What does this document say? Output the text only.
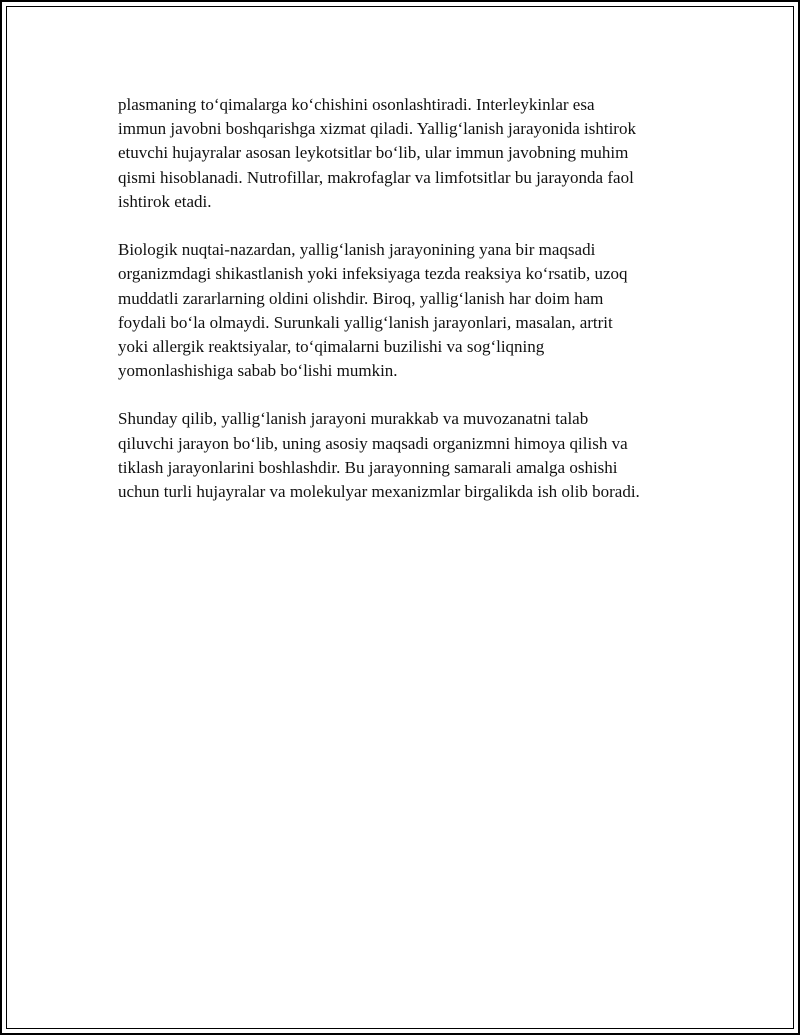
plasmaning to‘qimalarga ko‘chishini osonlashtiradi. Interleykinlar esa
immun javobni boshqarishga xizmat qiladi. Yallig‘lanish jarayonida ishtirok
etuvchi hujayralar asosan leykotsitlar bo‘lib, ular immun javobning muhim
qismi hisoblanadi. Nutrofillar, makrofaglar va limfotsitlar bu jarayonda faol
ishtirok etadi.
Biologik nuqtai-nazardan, yallig‘lanish jarayonining yana bir maqsadi
organizmdagi shikastlanish yoki infeksiyaga tezda reaksiya ko‘rsatib, uzoq
muddatli zararlarning oldini olishdir. Biroq, yallig‘lanish har doim ham
foydali bo‘la olmaydi. Surunkali yallig‘lanish jarayonlari, masalan, artrit
yoki allergik reaktsiyalar, to‘qimalarni buzilishi va sog‘liqning
yomonlashishiga sabab bo‘lishi mumkin.
Shunday qilib, yallig‘lanish jarayoni murakkab va muvozanatni talab
qiluvchi jarayon bo‘lib, uning asosiy maqsadi organizmni himoya qilish va
tiklash jarayonlarini boshlashdir. Bu jarayonning samarali amalga oshishi
uchun turli hujayralar va molekulyar mexanizmlar birgalikda ish olib boradi.
